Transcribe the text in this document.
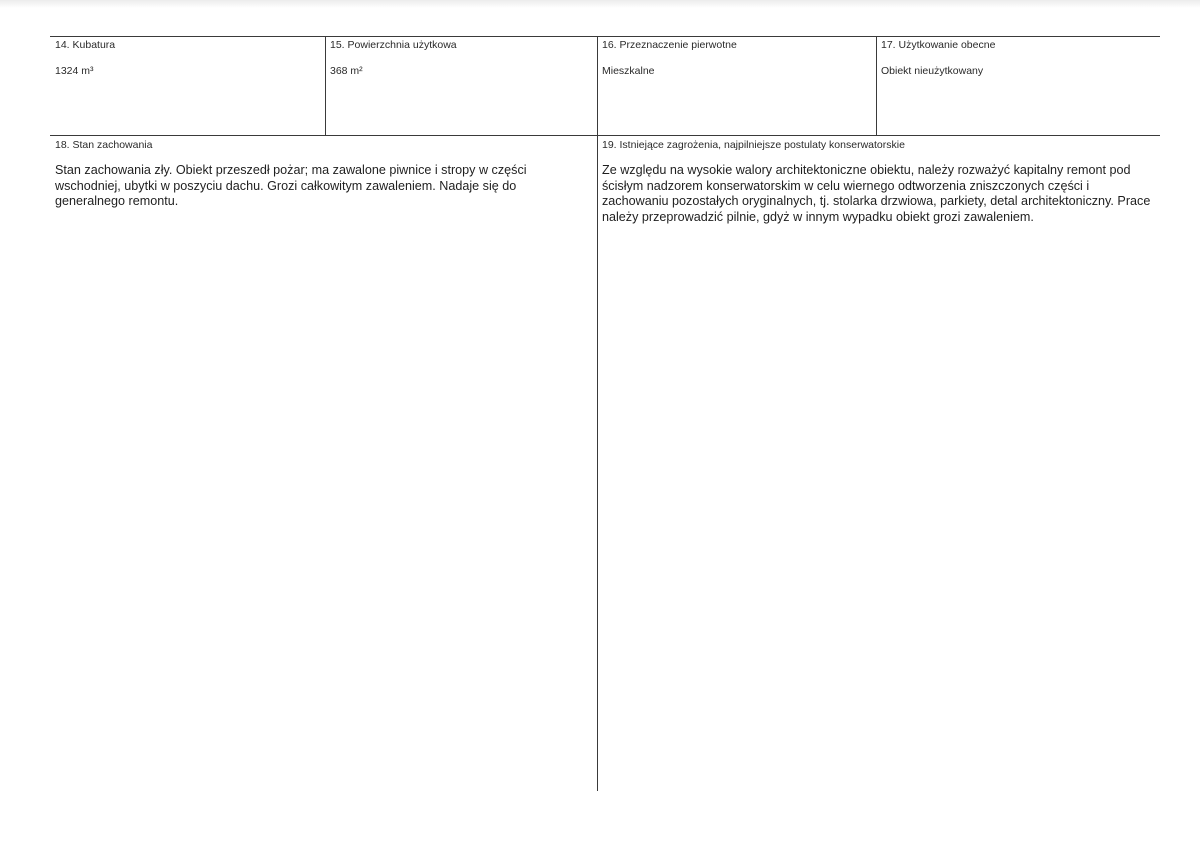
14. Kubatura
1324 m³
15. Powierzchnia użytkowa
368 m²
16. Przeznaczenie pierwotne
Mieszkalne
17. Użytkowanie obecne
Obiekt nieużytkowany
18. Stan zachowania
Stan zachowania zły. Obiekt przeszedł pożar; ma zawalone piwnice i stropy w części wschodniej, ubytki w poszyciu dachu. Grozi całkowitym zawaleniem. Nadaje się do generalnego remontu.
19. Istniejące zagrożenia, najpilniejsze postulaty konserwatorskie
Ze względu na wysokie walory architektoniczne obiektu, należy rozważyć kapitalny remont pod ścisłym nadzorem konserwatorskim w celu wiernego odtworzenia zniszczonych części i zachowaniu pozostałych oryginalnych, tj. stolarka drzwiowa, parkiety, detal architektoniczny. Prace należy przeprowadzić pilnie, gdyż w innym wypadku obiekt grozi zawaleniem.
